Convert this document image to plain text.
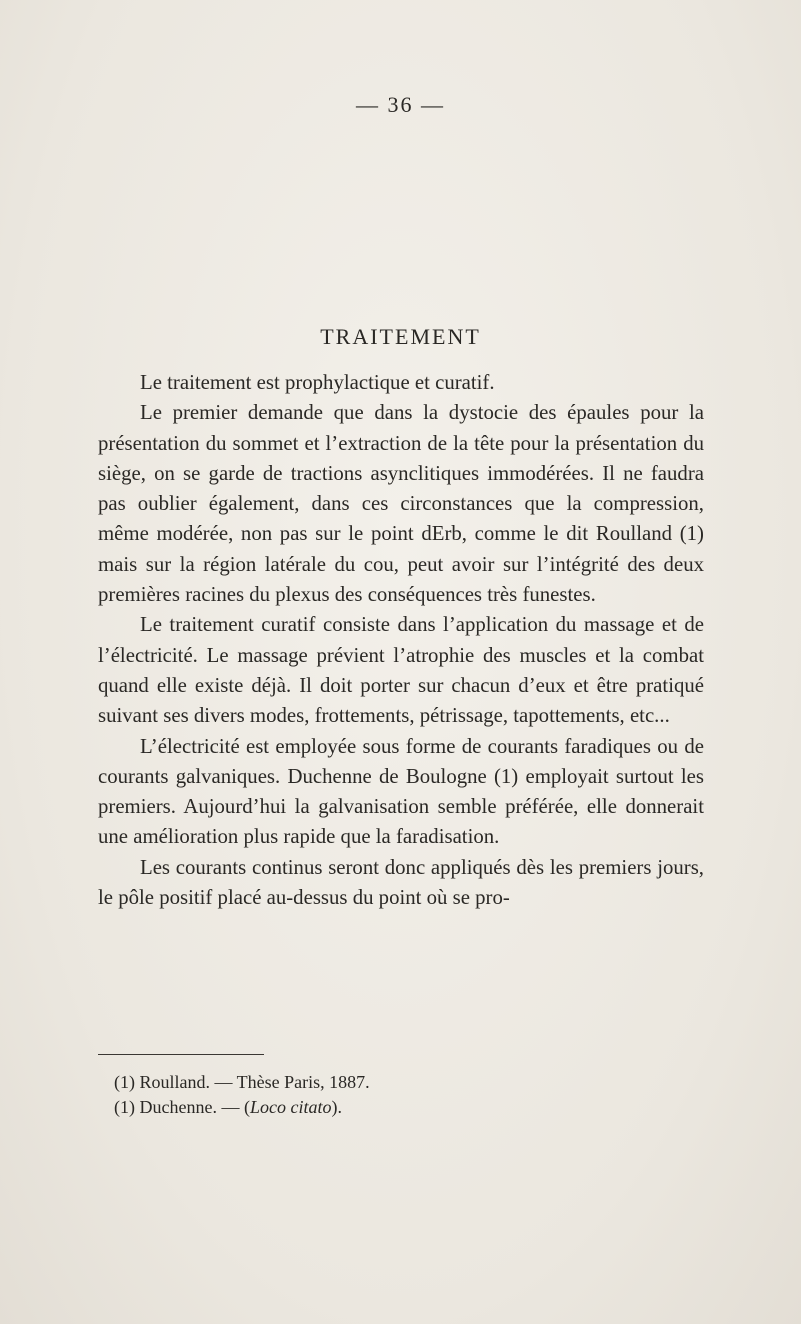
— 36 —
TRAITEMENT

Le traitement est prophylactique et curatif.

Le premier demande que dans la dystocie des épaules pour la présentation du sommet et l’extraction de la tête pour la présentation du siège, on se garde de tractions asynclitiques immodérées. Il ne faudra pas oublier également, dans ces circonstances que la compression, même modérée, non pas sur le point dErb, comme le dit Roulland (1) mais sur la région latérale du cou, peut avoir sur l’intégrité des deux premières racines du plexus des conséquences très funestes.

Le traitement curatif consiste dans l’application du massage et de l’électricité. Le massage prévient l’atrophie des muscles et la combat quand elle existe déjà. Il doit porter sur chacun d’eux et être pratiqué suivant ses divers modes, frottements, pétrissage, tapottements, etc...

L’électricité est employée sous forme de courants faradiques ou de courants galvaniques. Duchenne de Boulogne (1) employait surtout les premiers. Aujourd’hui la galvanisation semble préférée, elle donnerait une amélioration plus rapide que la faradisation.

Les courants continus seront donc appliqués dès les premiers jours, le pôle positif placé au-dessus du point où se pro-

(1) Roulland. — Thèse Paris, 1887.
(1) Duchenne. — (Loco citato).
